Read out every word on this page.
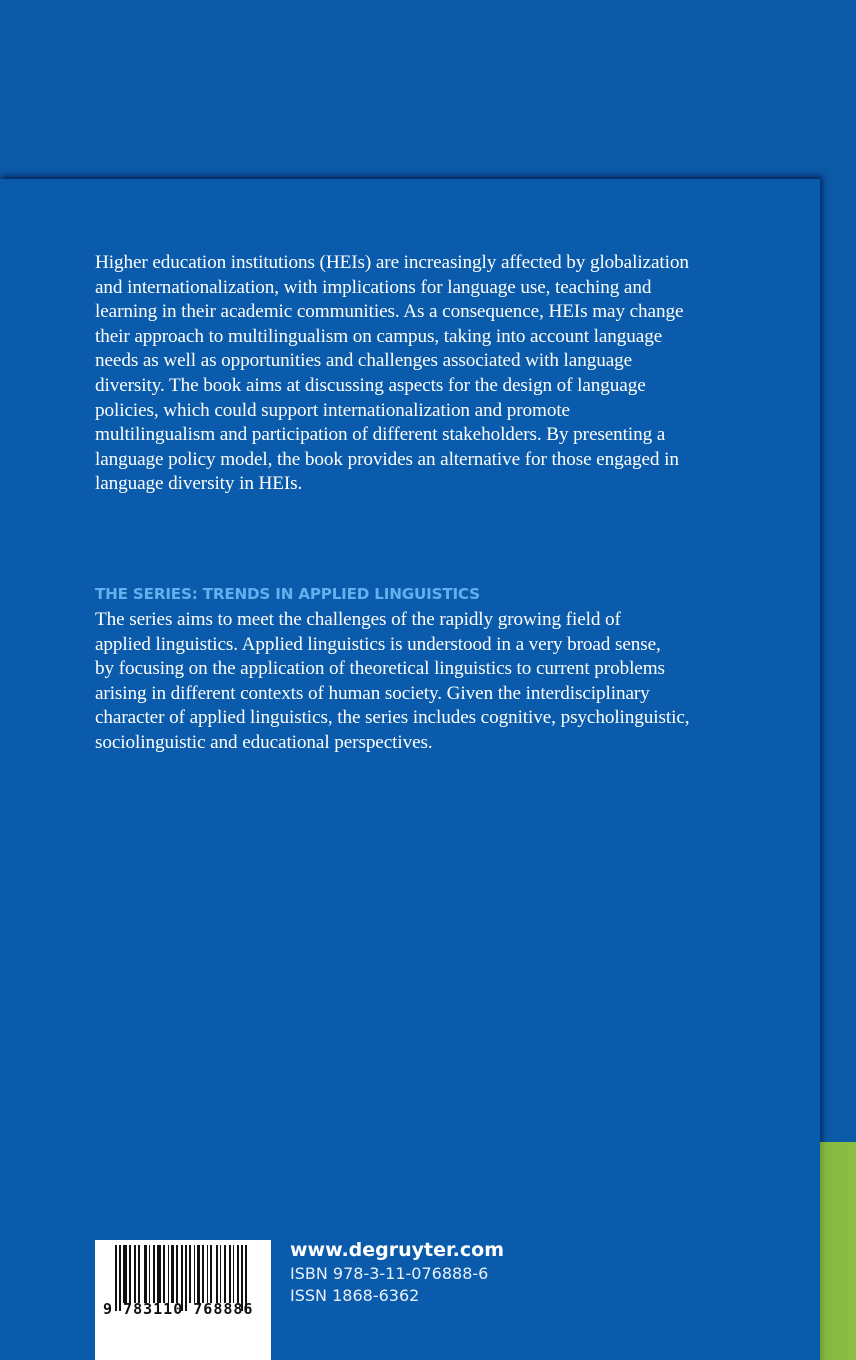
Higher education institutions (HEIs) are increasingly affected by globalization

and internationalization, with implications for language use, teaching and

learning in their academic communities. As a consequence, HEIs may change

their approach to multilingualism on campus, taking into account language

needs as well as opportunities and challenges associated with language

diversity. The book aims at discussing aspects for the design of language

policies, which could support internationalization and promote

multilingualism and participation of different stakeholders. By presenting a

language policy model, the book provides an alternative for those engaged in

language diversity in HEIs.

THE SERIES: TRENDS IN APPLIED LINGUISTICS

The series aims to meet the challenges of the rapidly growing field of

applied linguistics. Applied linguistics is understood in a very broad sense,

by focusing on the application of theoretical linguistics to current problems

arising in different contexts of human society. Given the interdisciplinary

character of applied linguistics, the series includes cognitive, psycholinguistic,

sociolinguistic and educational perspectives.

9 783110 768886
www.degruyter.com
ISBN 978-3-11-076888-6
ISSN 1868-6362
